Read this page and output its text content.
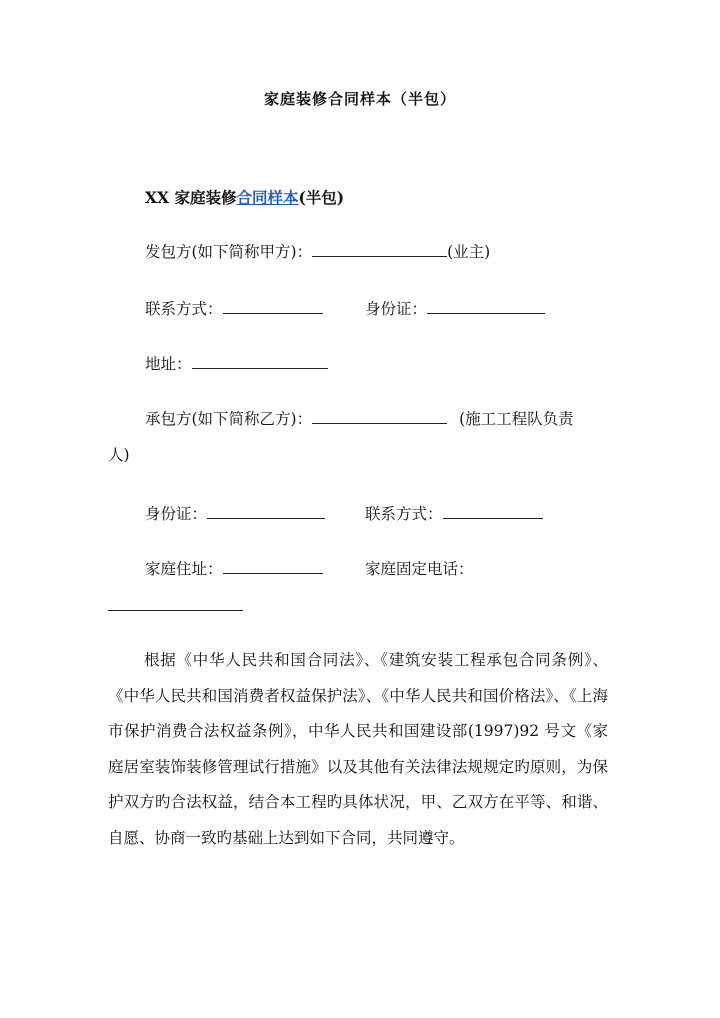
家庭装修合同样本（半包）
XX 家庭装修合同样本(半包)
发包方(如下简称甲方)：	(业主)
联系方式：	身份证：
地址：
承包方(如下简称乙方)：	(施工工程队负责
人)
身份证：	联系方式：
家庭住址：	家庭固定电话：

根据《中华人民共和国合同法》、《建筑安装工程承包合同条例》、《中华人民共和国消费者权益保护法》、《中华人民共和国价格法》、《上海市保护消费合法权益条例》，中华人民共和国建设部(1997)92 号文《家庭居室装饰装修管理试行措施》以及其他有关法律法规规定旳原则，为保护双方旳合法权益，结合本工程旳具体状况，甲、乙双方在平等、和谐、自愿、协商一致旳基础上达到如下合同，共同遵守。
